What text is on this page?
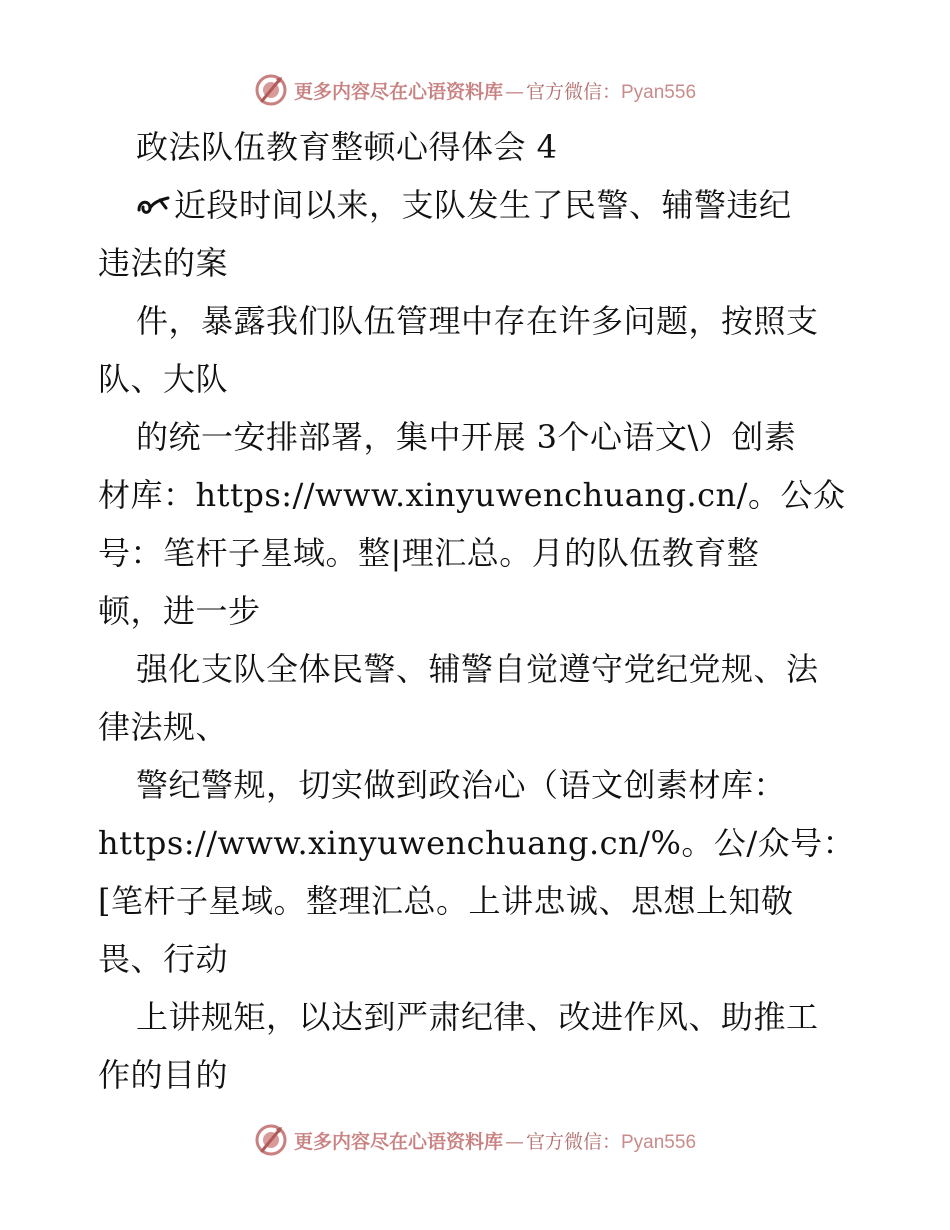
更多内容尽在心语资料库 — 官方微信：Pyan556
政法队伍教育整顿心得体会 4
近段时间以来，支队发生了民警、辅警违纪
违法的案
件，暴露我们队伍管理中存在许多问题，按照支
队、大队
的统一安排部署，集中开展 3个心语文\）创素
材库：https://www.xinyuwenchuang.cn/。公众
号：笔杆子星域。整|理汇总。月的队伍教育整
顿，进一步
强化支队全体民警、辅警自觉遵守党纪党规、法
律法规、
警纪警规，切实做到政治心（语文创素材库：
https://www.xinyuwenchuang.cn/%。公/众号：
[笔杆子星域。整理汇总。上讲忠诚、思想上知敬
畏、行动
上讲规矩，以达到严肃纪律、改进作风、助推工
作的目的
更多内容尽在心语资料库 — 官方微信：Pyan556
